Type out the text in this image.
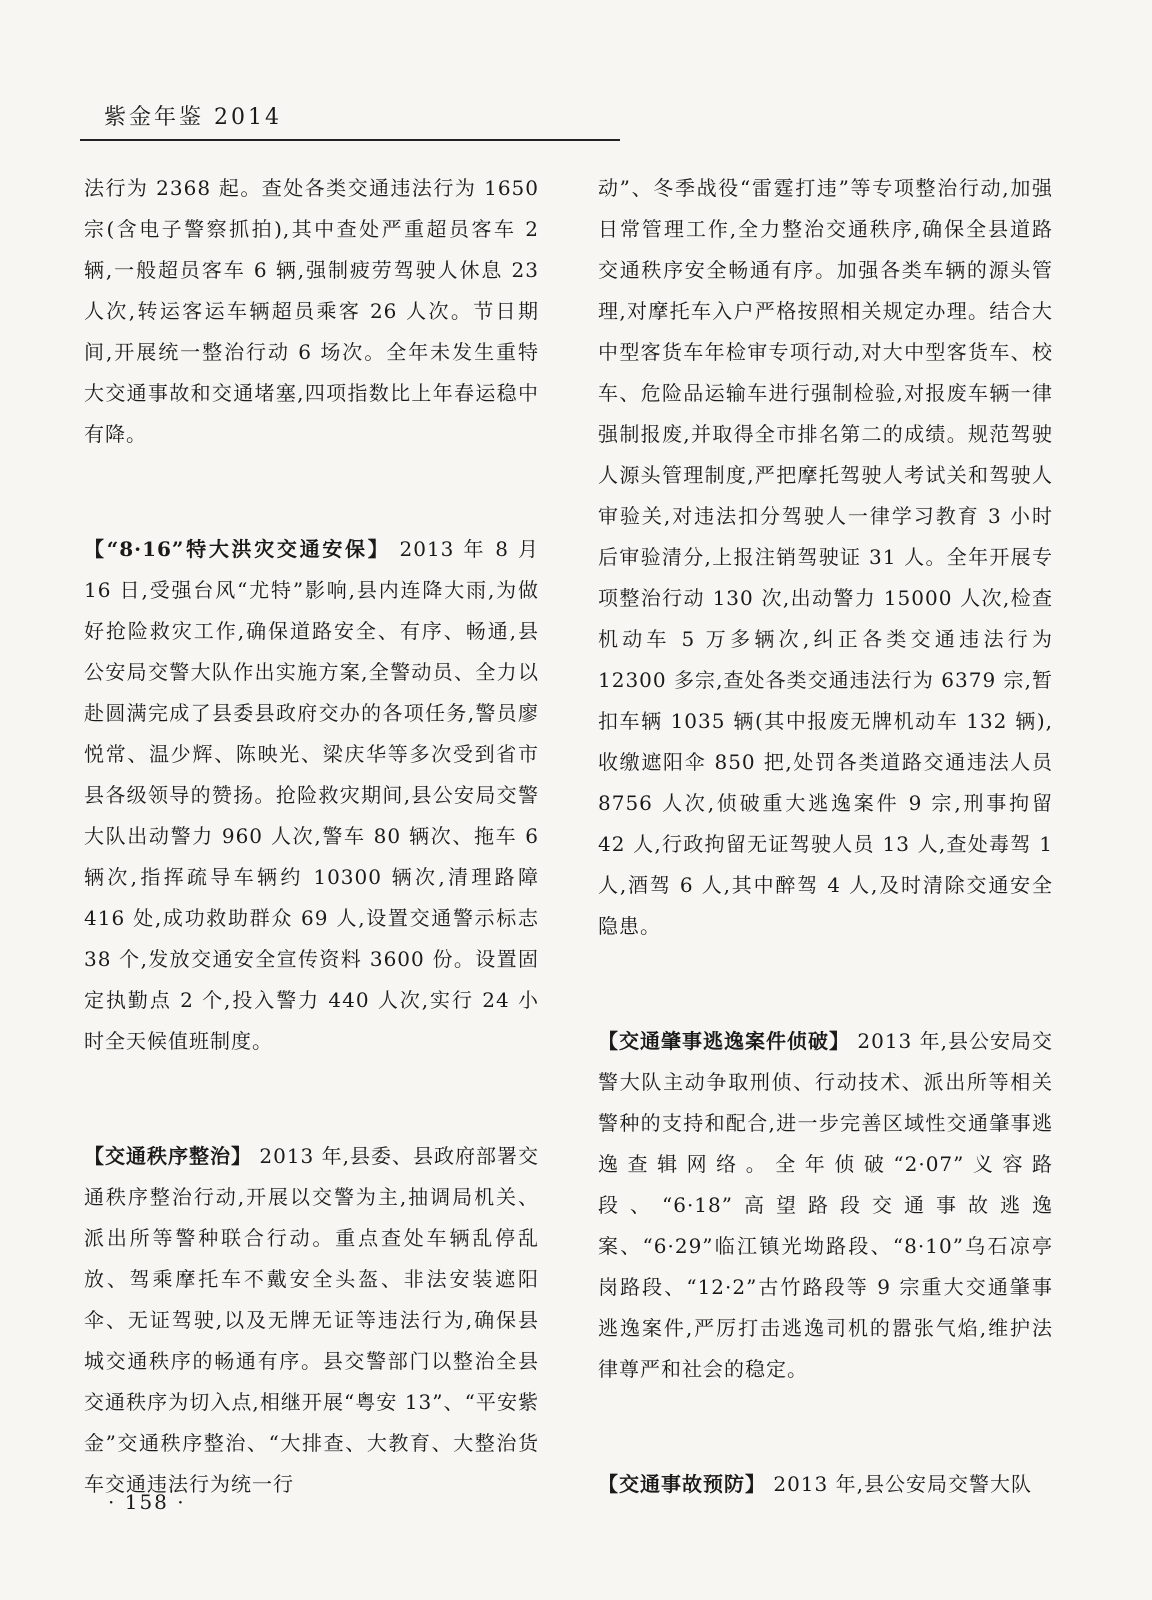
紫金年鉴 2014

法行为 2368 起。查处各类交通违法行为 1650 宗(含电子警察抓拍),其中查处严重超员客车 2 辆,一般超员客车 6 辆,强制疲劳驾驶人休息 23 人次,转运客运车辆超员乘客 26 人次。节日期间,开展统一整治行动 6 场次。全年未发生重特大交通事故和交通堵塞,四项指数比上年春运稳中有降。

【“8·16”特大洪灾交通安保】 2013 年 8 月 16 日,受强台风“尤特”影响,县内连降大雨,为做好抢险救灾工作,确保道路安全、有序、畅通,县公安局交警大队作出实施方案,全警动员、全力以赴圆满完成了县委县政府交办的各项任务,警员廖悦常、温少辉、陈映光、梁庆华等多次受到省市县各级领导的赞扬。抢险救灾期间,县公安局交警大队出动警力 960 人次,警车 80 辆次、拖车 6 辆次,指挥疏导车辆约 10300 辆次,清理路障 416 处,成功救助群众 69 人,设置交通警示标志 38 个,发放交通安全宣传资料 3600 份。设置固定执勤点 2 个,投入警力 440 人次,实行 24 小时全天候值班制度。

【交通秩序整治】 2013 年,县委、县政府部署交通秩序整治行动,开展以交警为主,抽调局机关、派出所等警种联合行动。重点查处车辆乱停乱放、驾乘摩托车不戴安全头盔、非法安装遮阳伞、无证驾驶,以及无牌无证等违法行为,确保县城交通秩序的畅通有序。县交警部门以整治全县交通秩序为切入点,相继开展“粤安 13”、“平安紫金”交通秩序整治、“大排查、大教育、大整治货车交通违法行为统一行

动”、冬季战役“雷霆打违”等专项整治行动,加强日常管理工作,全力整治交通秩序,确保全县道路交通秩序安全畅通有序。加强各类车辆的源头管理,对摩托车入户严格按照相关规定办理。结合大中型客货车年检审专项行动,对大中型客货车、校车、危险品运输车进行强制检验,对报废车辆一律强制报废,并取得全市排名第二的成绩。规范驾驶人源头管理制度,严把摩托驾驶人考试关和驾驶人审验关,对违法扣分驾驶人一律学习教育 3 小时后审验清分,上报注销驾驶证 31 人。全年开展专项整治行动 130 次,出动警力 15000 人次,检查机动车 5 万多辆次,纠正各类交通违法行为 12300 多宗,查处各类交通违法行为 6379 宗,暂扣车辆 1035 辆(其中报废无牌机动车 132 辆),收缴遮阳伞 850 把,处罚各类道路交通违法人员 8756 人次,侦破重大逃逸案件 9 宗,刑事拘留 42 人,行政拘留无证驾驶人员 13 人,查处毒驾 1 人,酒驾 6 人,其中醉驾 4 人,及时清除交通安全隐患。

【交通肇事逃逸案件侦破】 2013 年,县公安局交警大队主动争取刑侦、行动技术、派出所等相关警种的支持和配合,进一步完善区域性交通肇事逃逸查辑网络。全年侦破“2·07”义容路段、“6·18”高望路段交通事故逃逸案、“6·29”临江镇光坳路段、“8·10”乌石凉亭岗路段、“12·2”古竹路段等 9 宗重大交通肇事逃逸案件,严厉打击逃逸司机的嚣张气焰,维护法律尊严和社会的稳定。

【交通事故预防】 2013 年,县公安局交警大队

· 158 ·
